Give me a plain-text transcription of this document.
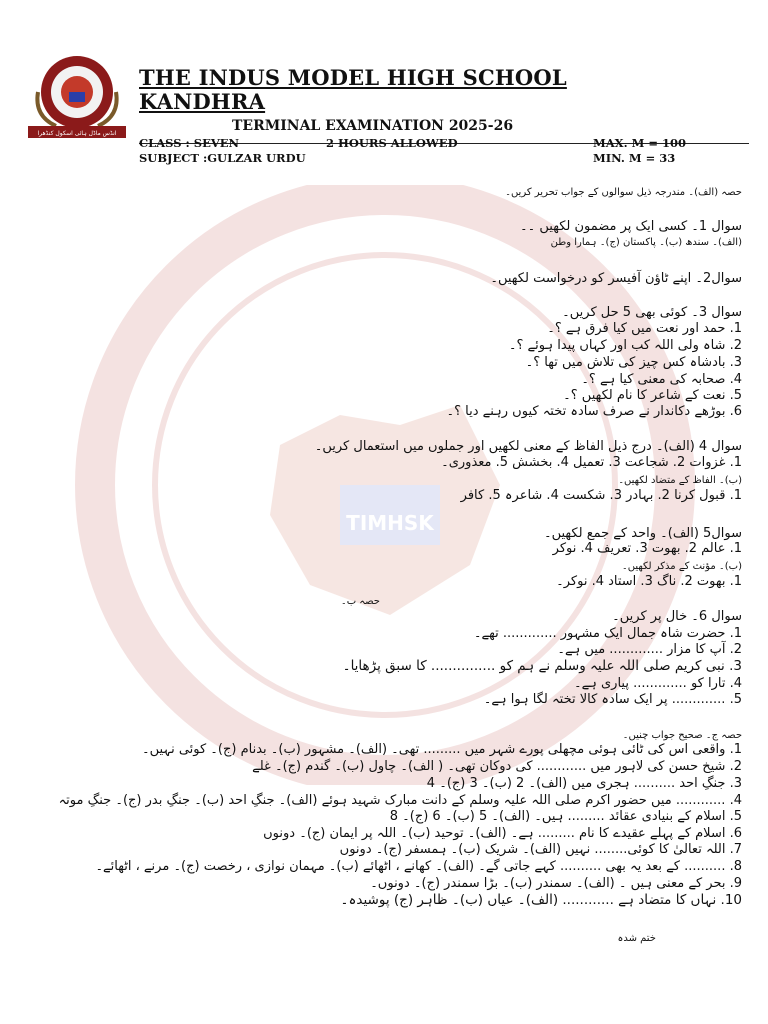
TIMHSK
انڈس ماڈل ہائی اسکول کنڈھرا
THE INDUS MODEL HIGH SCHOOL
KANDHRA
TERMINAL EXAMINATION 2025-26
CLASS : SEVEN	2 HOURS ALLOWED	MAX. M = 100
SUBJECT :GULZAR URDU	MIN. M = 33
حصہ (الف)۔ مندرجہ ذیل سوالوں کے جواب تحریر کریں۔
سوال 1۔ کسی ایک پر مضمون لکھیں ۔۔
(الف)۔ سندھ (ب)۔ پاکستان (ج)۔ ہمارا وطن
سوال2۔ اپنے ٹاؤن آفیسر کو درخواست لکھیں۔
سوال 3۔ کوئی بھی 5 حل کریں۔
1. حمد اور نعت میں کیا فرق ہے ؟۔
2. شاہ ولی اللہ کب اور کہاں پیدا ہوئے ؟۔
3. بادشاہ کس چیز کی تلاش میں تھا ؟۔
4. صحابہ کی معنی کیا ہے ؟۔
5. نعت کے شاعر کا نام لکھیں ؟۔
6. بوڑھے دکاندار نے صرف سادہ تختہ کیوں رہنے دیا ؟۔
سوال 4 (الف)۔ درج ذیل الفاظ کے معنی لکھیں اور جملوں میں استعمال کریں۔
1. غزوات 2. شجاعت 3. تعمیل 4. بخشش 5. معذوری۔
(ب)۔ الفاظ کے متضاد لکھیں۔
1. قبول کرنا 2. بہادر 3. شکست 4. شاعرہ 5. کافر
سوال5 (الف)۔ واحد کے جمع لکھیں۔
1. عالم 2. بھوت 3. تعریف 4. نوکر
(ب)۔ مؤنث کے مذکر لکھیں۔
1. بھوت 2. ناگ 3. استاد 4. نوکر۔
حصہ ب۔
سوال 6۔ خال پر کریں۔
1. حضرت شاہ جمال ایک مشہور ............. تھے۔
2. آپ کا مزار ............. میں ہے۔
3. نبی کریم صلی اللہ علیہ وسلم نے ہم کو ............... کا سبق پڑھایا۔
4. تارا کو ............. پیاری ہے۔
5. ............. پر ایک سادہ کالا تختہ لگا ہوا ہے۔
حصہ ج۔ صحیح جواب چنیں۔
1. واقعی اس کی ٹائی ہوئی مچھلی پورے شہر میں ......... تھی۔ (الف)۔ مشہور (ب)۔ بدنام (ج)۔ کوئی نہیں۔
2. شیخ حسن کی لاہور میں ............ کی دوکان تھی۔ ( الف)۔ چاول (ب)۔ گندم (ج)۔ غلے
3. جنگِ احد .......... ہجری میں (الف)۔ 2 (ب)۔ 3 (ج)۔ 4
4. ............ میں حضور اکرم صلی اللہ علیہ وسلم کے دانت مبارک شہید ہوئے (الف)۔ جنگِ احد (ب)۔ جنگِ بدر (ج)۔ جنگِ موتہ
5. اسلام کے بنیادی عقائد ......... ہیں۔ (الف)۔ 5 (ب)۔ 6 (ج)۔ 8
6. اسلام کے پہلے عقیدے کا نام ......... ہے۔ (الف)۔ توحید (ب)۔ اللہ پر ایمان (ج)۔ دونوں
7. اللہ تعالیٰ کا کوئی........ نہیں (الف)۔ شریک (ب)۔ ہمسفر (ج)۔ دونوں
8. .......... کے بعد یہ بھی .......... کہے جاتی گے۔ (الف)۔ کھانے ، اٹھائے (ب)۔ مہمان نوازی ، رخصت (ج)۔ مرنے ، اٹھائے۔
9. بحر کے معنی ہیں ۔ (الف)۔ سمندر (ب)۔ بڑا سمندر (ج)۔ دونوں۔
10. نہاں کا متضاد ہے ............ (الف)۔ عیاں (ب)۔ ظاہر (ج) پوشیدہ۔
ختم شدہ
